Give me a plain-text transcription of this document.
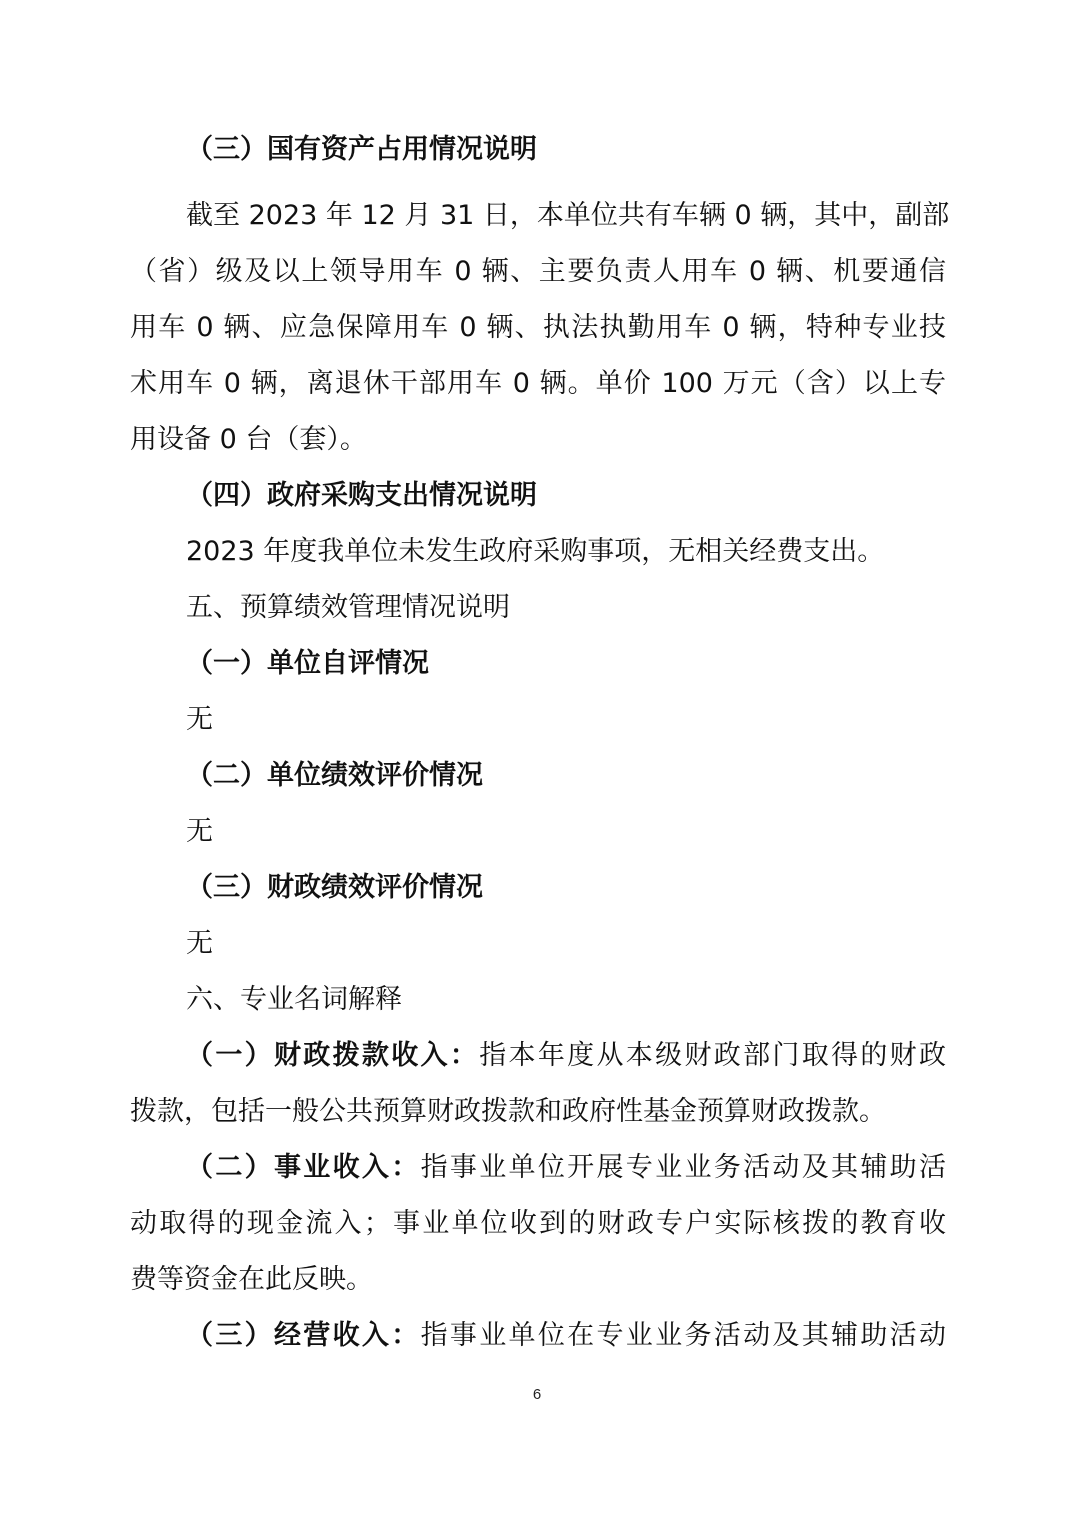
（三）国有资产占用情况说明
截至 2023 年 12 月 31 日，本单位共有车辆 0 辆，其中，副部
（省）级及以上领导用车 0 辆、主要负责人用车 0 辆、机要通信
用车 0 辆、应急保障用车 0 辆、执法执勤用车 0 辆，特种专业技
术用车 0 辆，离退休干部用车 0 辆。单价 100 万元（含）以上专
用设备 0 台（套）。
（四）政府采购支出情况说明
2023 年度我单位未发生政府采购事项，无相关经费支出。
五、预算绩效管理情况说明
（一）单位自评情况
无
（二）单位绩效评价情况
无
（三）财政绩效评价情况
无
六、专业名词解释
（一）财政拨款收入：指本年度从本级财政部门取得的财政
拨款，包括一般公共预算财政拨款和政府性基金预算财政拨款。
（二）事业收入：指事业单位开展专业业务活动及其辅助活
动取得的现金流入；事业单位收到的财政专户实际核拨的教育收
费等资金在此反映。
（三）经营收入：指事业单位在专业业务活动及其辅助活动
6
